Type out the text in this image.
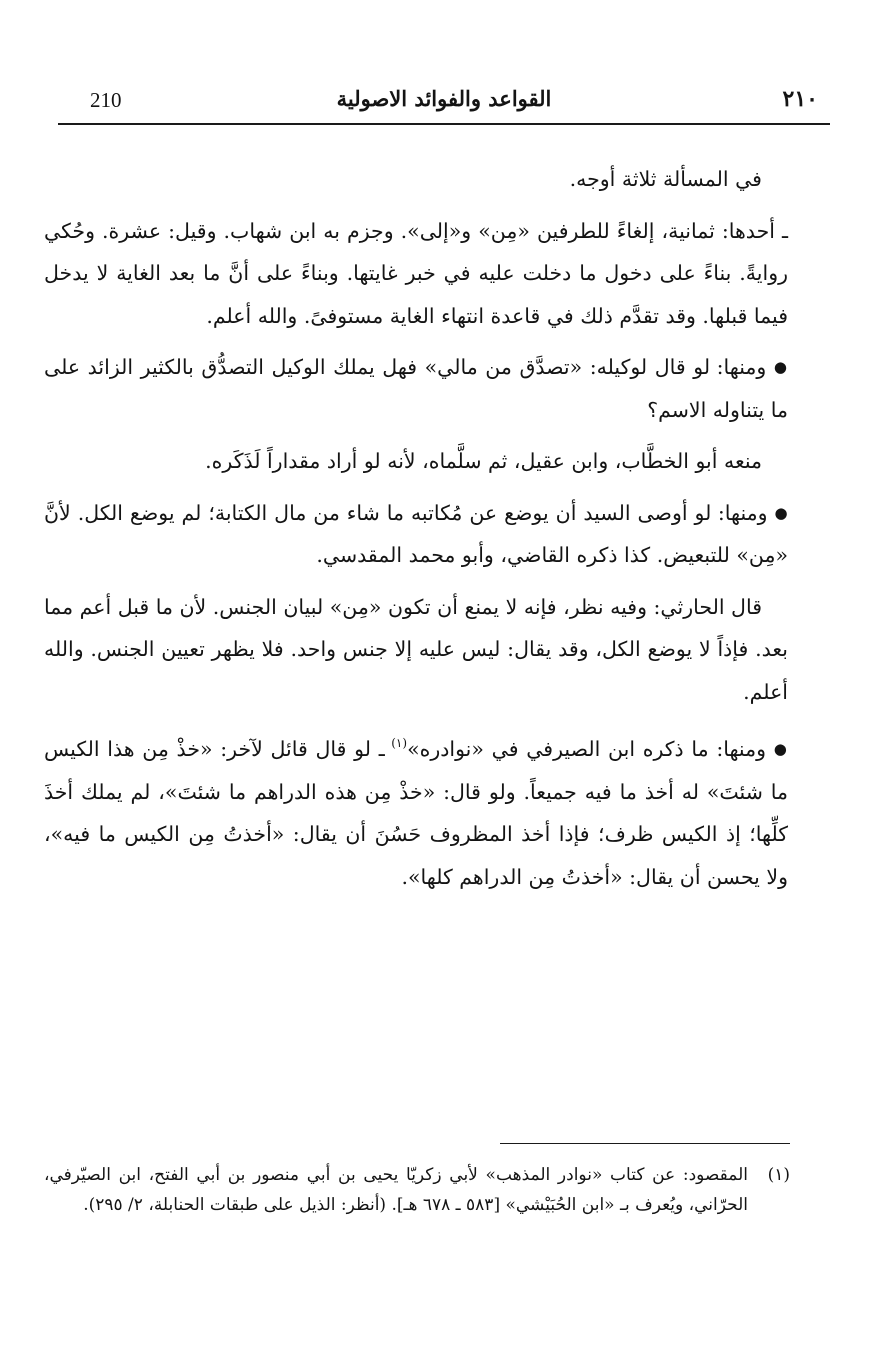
210	القواعد والفوائد الاصولية	٢١٠

في المسألة ثلاثة أوجه.

ـ أحدها: ثمانية، إلغاءً للطرفين «مِن» و«إلى». وجزم به ابن شهاب. وقيل: عشرة. وحُكي روايةً. بناءً على دخول ما دخلت عليه في خبر غايتها. وبناءً على أنَّ ما بعد الغاية لا يدخل فيما قبلها. وقد تقدَّم ذلك في قاعدة انتهاء الغاية مستوفىً. والله أعلم.

● ومنها: لو قال لوكيله: «تصدَّق من مالي» فهل يملك الوكيل التصدُّق بالكثير الزائد على ما يتناوله الاسم؟

منعه أبو الخطَّاب، وابن عقيل، ثم سلَّماه، لأنه لو أراد مقداراً لَذَكَره.

● ومنها: لو أوصى السيد أن يوضع عن مُكاتبه ما شاء من مال الكتابة؛ لم يوضع الكل. لأنَّ «مِن» للتبعيض. كذا ذكره القاضي، وأبو محمد المقدسي.

قال الحارثي: وفيه نظر، فإنه لا يمنع أن تكون «مِن» لبيان الجنس. لأن ما قبل أعم مما بعد. فإذاً لا يوضع الكل، وقد يقال: ليس عليه إلا جنس واحد. فلا يظهر تعيين الجنس. والله أعلم.

● ومنها: ما ذكره ابن الصيرفي في «نوادره»$^{(١)}$ ـ لو قال قائل لآخر: «خذْ مِن هذا الكيس ما شئتَ» له أخذ ما فيه جميعاً. ولو قال: «خذْ مِن هذه الدراهم ما شئتَ»، لم يملك أخذَ كلِّها؛ إذ الكيس ظرف؛ فإذا أخذ المظروف حَسُنَ أن يقال: «أخذتُ مِن الكيس ما فيه»، ولا يحسن أن يقال: «أخذتُ مِن الدراهم كلها».

(١)
المقصود: عن كتاب «نوادر المذهب» لأبي زكريّا يحيى بن أبي منصور بن أبي الفتح، ابن الصيّرفي، الحرّاني، ويُعرف بـ «ابن الحُبَيْشي» [٥٨٣ ـ ٦٧٨ هـ]. (أنظر: الذيل على طبقات الحنابلة، ٢/ ٢٩٥).
